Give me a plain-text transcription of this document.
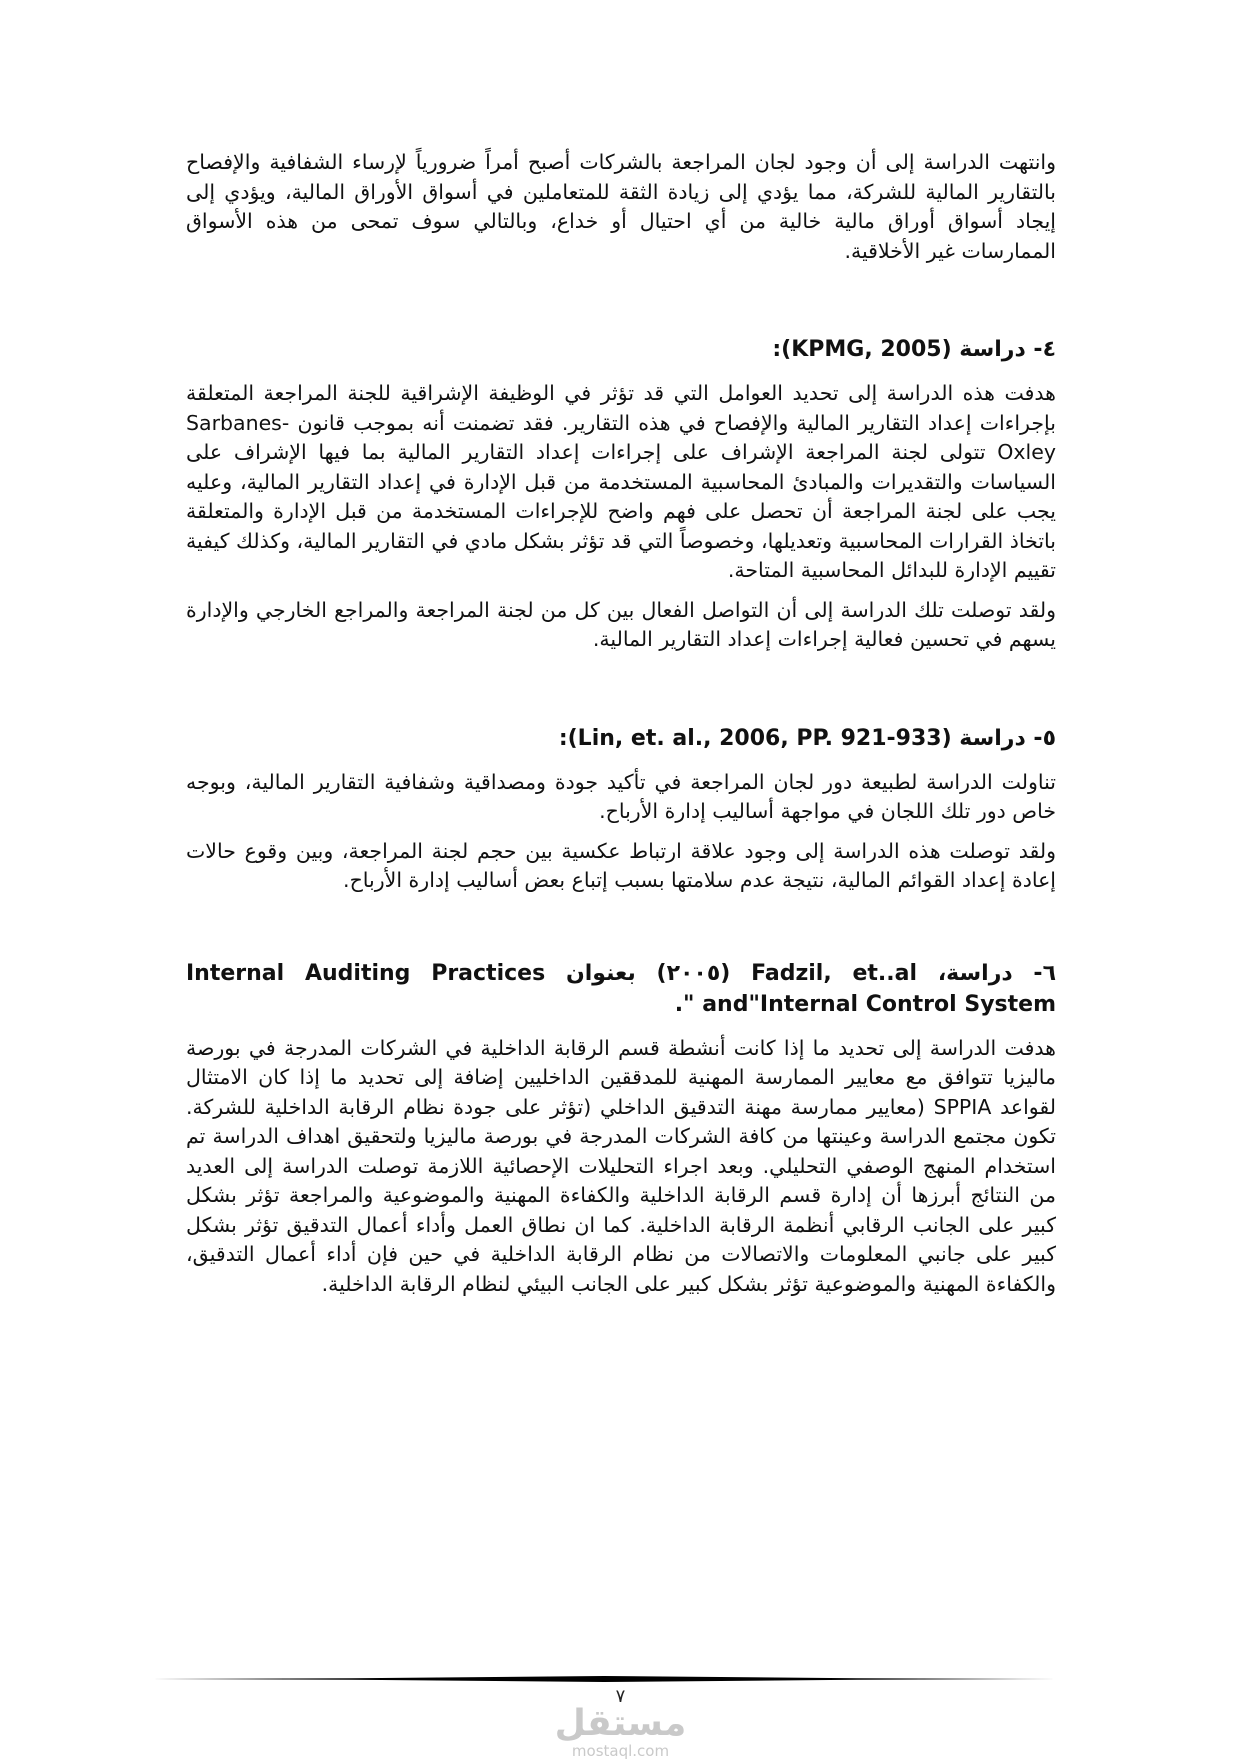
وانتهت الدراسة إلى أن وجود لجان المراجعة بالشركات أصبح أمراً ضرورياً لإرساء الشفافية والإفصاح بالتقارير المالية للشركة، مما يؤدي إلى زيادة الثقة للمتعاملين في أسواق الأوراق المالية، ويؤدي إلى إيجاد أسواق أوراق مالية خالية من أي احتيال أو خداع، وبالتالي سوف تمحى من هذه الأسواق الممارسات غير الأخلاقية.

٤- دراسة (KPMG, 2005):

هدفت هذه الدراسة إلى تحديد العوامل التي قد تؤثر في الوظيفة الإشراقية للجنة المراجعة المتعلقة بإجراءات إعداد التقارير المالية والإفصاح في هذه التقارير. فقد تضمنت أنه بموجب قانون Sarbanes-Oxley تتولى لجنة المراجعة الإشراف على إجراءات إعداد التقارير المالية بما فيها الإشراف على السياسات والتقديرات والمبادئ المحاسبية المستخدمة من قبل الإدارة في إعداد التقارير المالية، وعليه يجب على لجنة المراجعة أن تحصل على فهم واضح للإجراءات المستخدمة من قبل الإدارة والمتعلقة باتخاذ القرارات المحاسبية وتعديلها، وخصوصاً التي قد تؤثر بشكل مادي في التقارير المالية، وكذلك كيفية تقييم الإدارة للبدائل المحاسبية المتاحة.

ولقد توصلت تلك الدراسة إلى أن التواصل الفعال بين كل من لجنة المراجعة والمراجع الخارجي والإدارة يسهم في تحسين فعالية إجراءات إعداد التقارير المالية.

٥- دراسة (Lin, et. al., 2006, PP. 921-933):

تناولت الدراسة لطبيعة دور لجان المراجعة في تأكيد جودة ومصداقية وشفافية التقارير المالية، وبوجه خاص دور تلك اللجان في مواجهة أساليب إدارة الأرباح.

ولقد توصلت هذه الدراسة إلى وجود علاقة ارتباط عكسية بين حجم لجنة المراجعة، وبين وقوع حالات إعادة إعداد القوائم المالية، نتيجة عدم سلامتها بسبب إتباع بعض أساليب إدارة الأرباح.

٦- دراسة، Fadzil, et..al (٢٠٠٥) بعنوان Internal Auditing Practices and"Internal Control System ".

هدفت الدراسة إلى تحديد ما إذا كانت أنشطة قسم الرقابة الداخلية في الشركات المدرجة في بورصة ماليزيا تتوافق مع معايير الممارسة المهنية للمدققين الداخليين إضافة إلى تحديد ما إذا كان الامتثال لقواعد SPPIA (معايير ممارسة مهنة التدقيق الداخلي (تؤثر على جودة نظام الرقابة الداخلية للشركة. تكون مجتمع الدراسة وعينتها من كافة الشركات المدرجة في بورصة ماليزيا ولتحقيق اهداف الدراسة تم استخدام المنهج الوصفي التحليلي. وبعد اجراء التحليلات الإحصائية اللازمة توصلت الدراسة إلى العديد من النتائج أبرزها أن إدارة قسم الرقابة الداخلية والكفاءة المهنية والموضوعية والمراجعة تؤثر بشكل كبير على الجانب الرقابي أنظمة الرقابة الداخلية. كما ان نطاق العمل وأداء أعمال التدقيق تؤثر بشكل كبير على جانبي المعلومات والاتصالات من نظام الرقابة الداخلية في حين فإن أداء أعمال التدقيق، والكفاءة المهنية والموضوعية تؤثر بشكل كبير على الجانب البيئي لنظام الرقابة الداخلية.

٧
مستقل
mostaql.com
